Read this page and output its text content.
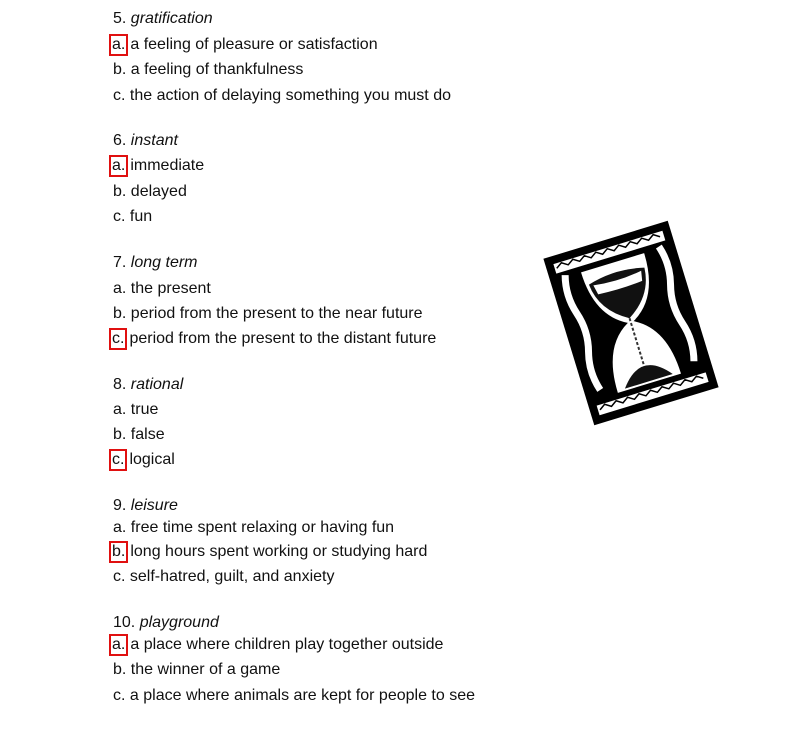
5. gratification
a. a feeling of pleasure or satisfaction
b. a feeling of thankfulness
c. the action of delaying something you must do
6. instant
a. immediate
b. delayed
c. fun
7. long term
a. the present
b. period from the present to the near future
c. period from the present to the distant future
8. rational
a. true
b. false
c. logical
9. leisure
a. free time spent relaxing or having fun
b. long hours spent working or studying hard
c. self-hatred, guilt, and anxiety
10. playground
a. a place where children play together outside
b. the winner of a game
c. a place where animals are kept for people to see
